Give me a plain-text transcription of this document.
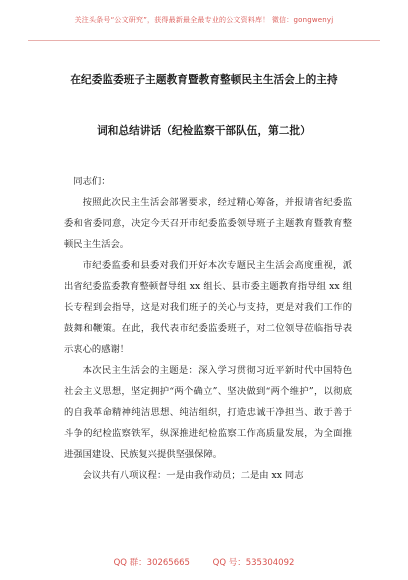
关注头条号“公文研究”，获得最新最全最专业的公文资料库！ 微信：gongwenyj
在纪委监委班子主题教育暨教育整顿民主生活会上的主持
词和总结讲话（纪检监察干部队伍，第二批）

同志们：

按照此次民主生活会部署要求，经过精心筹备，并报请省纪委监委和省委同意，决定今天召开市纪委监委领导班子主题教育暨教育整顿民主生活会。

市纪委监委和县委对我们开好本次专题民主生活会高度重视，派出省纪委监委教育整顿督导组 xx 组长、县市委主题教育指导组 xx 组长专程到会指导，这是对我们班子的关心与支持，更是对我们工作的鼓舞和鞭策。在此，我代表市纪委监委班子，对二位领导莅临指导表示衷心的感谢！

本次民主生活会的主题是：深入学习贯彻习近平新时代中国特色社会主义思想，坚定拥护“两个确立”、坚决做到“两个维护”，以彻底的自我革命精神纯洁思想、纯洁组织，打造忠诚干净担当、敢于善于斗争的纪检监察铁军，纵深推进纪检监察工作高质量发展，为全面推进强国建设、民族复兴提供坚强保障。

会议共有八项议程：一是由我作动员；二是由 xx 同志

QQ 群：30265665	QQ 号：535304092
